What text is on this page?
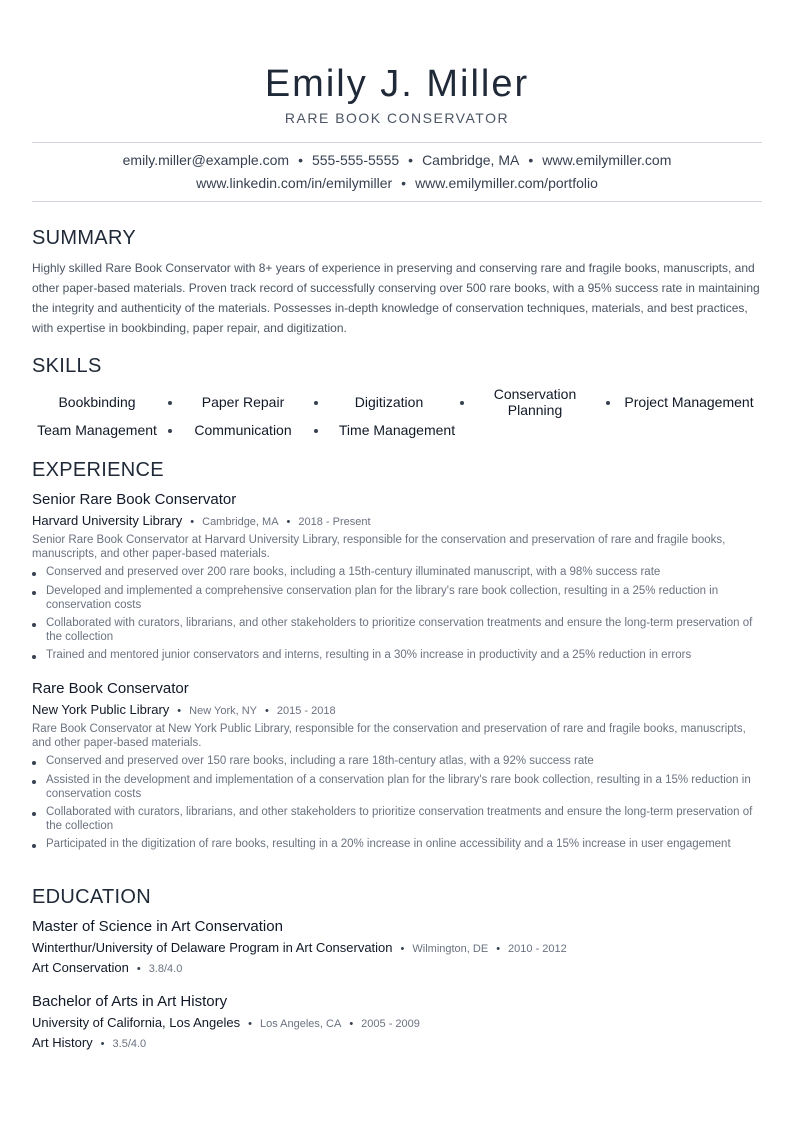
Emily J. Miller
RARE BOOK CONSERVATOR
emily.miller@example.com • 555-555-5555 • Cambridge, MA • www.emilymiller.com
www.linkedin.com/in/emilymiller • www.emilymiller.com/portfolio
SUMMARY
Highly skilled Rare Book Conservator with 8+ years of experience in preserving and conserving rare and fragile books, manuscripts, and other paper-based materials. Proven track record of successfully conserving over 500 rare books, with a 95% success rate in maintaining the integrity and authenticity of the materials. Possesses in-depth knowledge of conservation techniques, materials, and best practices, with expertise in bookbinding, paper repair, and digitization.
SKILLS
Bookbinding	Paper Repair	Digitization	Conservation Planning	Project Management
Team Management	Communication	Time Management
EXPERIENCE
Senior Rare Book Conservator
Harvard University Library • Cambridge, MA • 2018 - Present
Senior Rare Book Conservator at Harvard University Library, responsible for the conservation and preservation of rare and fragile books, manuscripts, and other paper-based materials.
Conserved and preserved over 200 rare books, including a 15th-century illuminated manuscript, with a 98% success rate
Developed and implemented a comprehensive conservation plan for the library's rare book collection, resulting in a 25% reduction in conservation costs
Collaborated with curators, librarians, and other stakeholders to prioritize conservation treatments and ensure the long-term preservation of the collection
Trained and mentored junior conservators and interns, resulting in a 30% increase in productivity and a 25% reduction in errors
Rare Book Conservator
New York Public Library • New York, NY • 2015 - 2018
Rare Book Conservator at New York Public Library, responsible for the conservation and preservation of rare and fragile books, manuscripts, and other paper-based materials.
Conserved and preserved over 150 rare books, including a rare 18th-century atlas, with a 92% success rate
Assisted in the development and implementation of a conservation plan for the library's rare book collection, resulting in a 15% reduction in conservation costs
Collaborated with curators, librarians, and other stakeholders to prioritize conservation treatments and ensure the long-term preservation of the collection
Participated in the digitization of rare books, resulting in a 20% increase in online accessibility and a 15% increase in user engagement
EDUCATION
Master of Science in Art Conservation
Winterthur/University of Delaware Program in Art Conservation • Wilmington, DE • 2010 - 2012
Art Conservation • 3.8/4.0
Bachelor of Arts in Art History
University of California, Los Angeles • Los Angeles, CA • 2005 - 2009
Art History • 3.5/4.0
